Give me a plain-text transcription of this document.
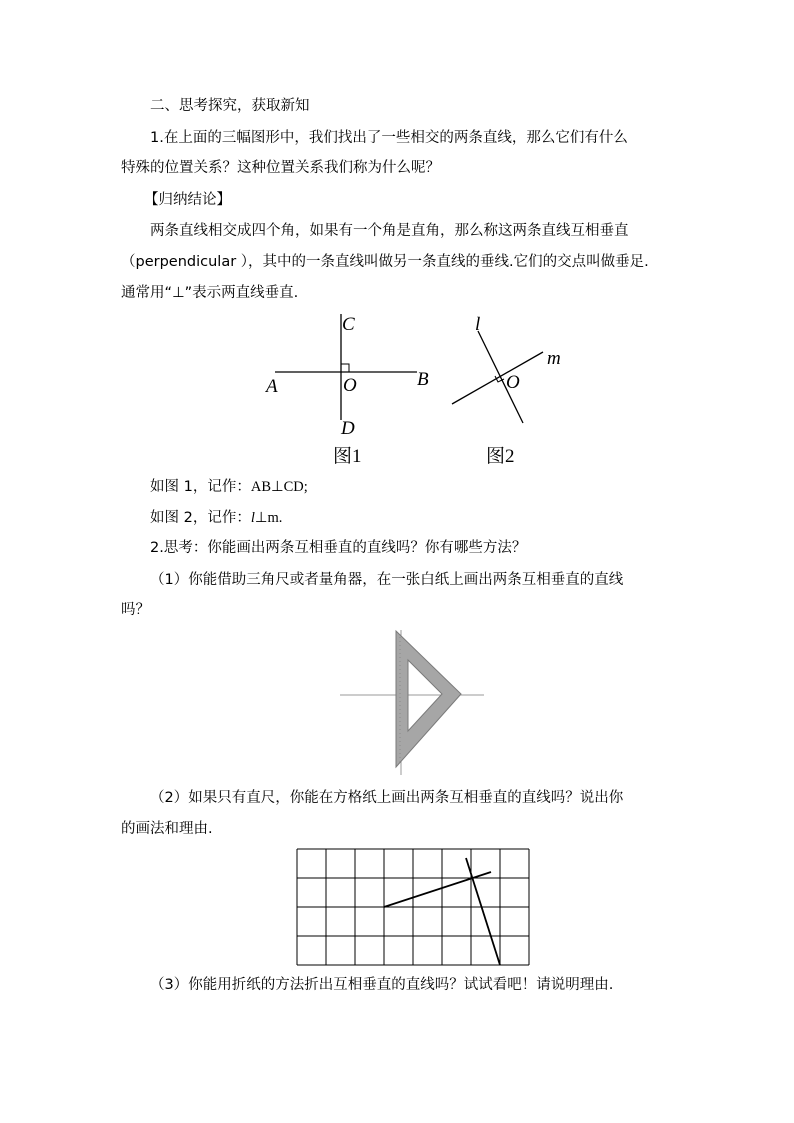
二、思考探究，获取新知
1.在上面的三幅图形中，我们找出了一些相交的两条直线，那么它们有什么
特殊的位置关系？这种位置关系我们称为什么呢？
【归纳结论】
两条直线相交成四个角，如果有一个角是直角，那么称这两条直线互相垂直
（perpendicular ），其中的一条直线叫做另一条直线的垂线.它们的交点叫做垂足.
通常用“⊥”表示两直线垂直.
A	B
C
D
O
图1
l
m
O
图2
如图 1，记作：AB⊥CD;
如图 2，记作：l⊥m.
2.思考：你能画出两条互相垂直的直线吗？你有哪些方法？
（1）你能借助三角尺或者量角器，在一张白纸上画出两条互相垂直的直线
吗？
（2）如果只有直尺，你能在方格纸上画出两条互相垂直的直线吗？说出你
的画法和理由.
（3）你能用折纸的方法折出互相垂直的直线吗？试试看吧！请说明理由.
